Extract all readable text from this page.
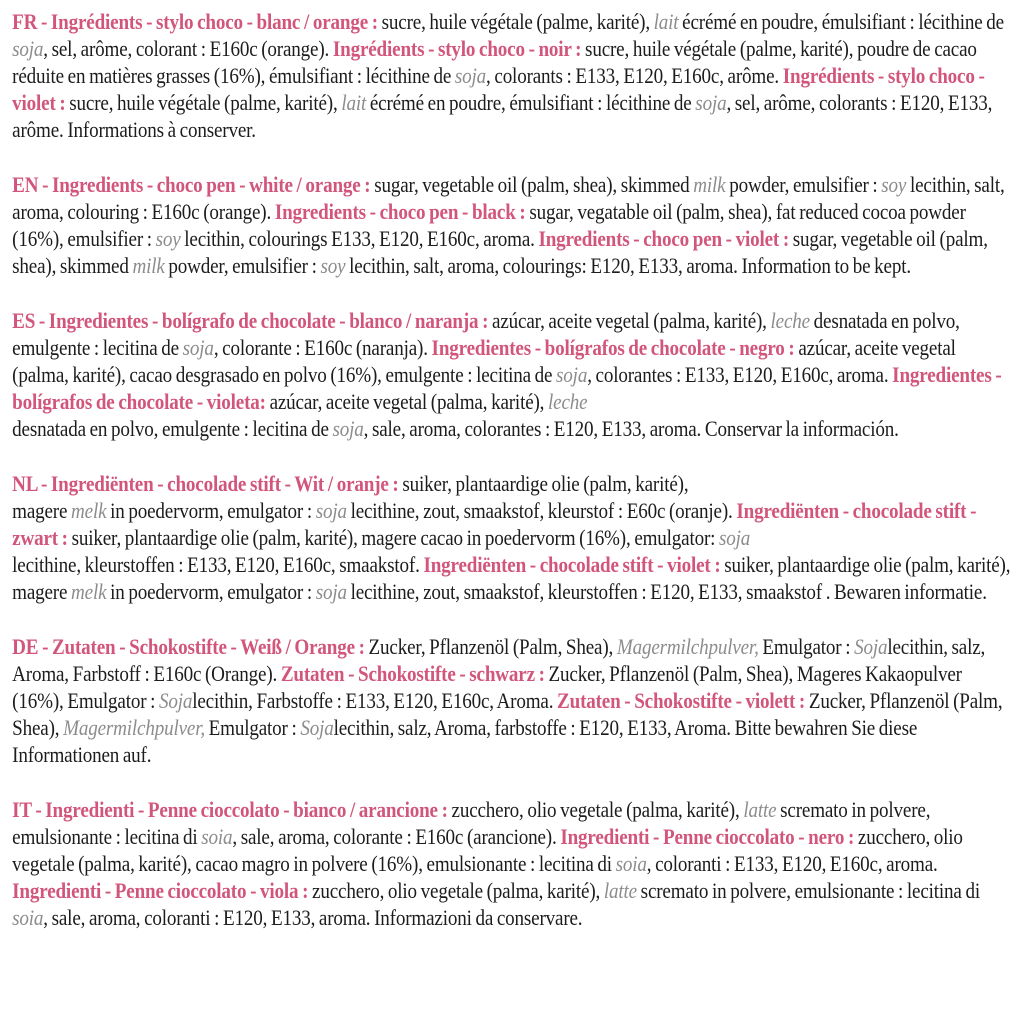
FR - Ingrédients - stylo choco - blanc / orange : sucre, huile végétale (palme, karité), lait écrémé en poudre, émulsifiant : lécithine de soja, sel, arôme, colorant : E160c (orange). Ingrédients - stylo choco - noir : sucre, huile végétale (palme, karité), poudre de cacao réduite en matières grasses (16%), émulsifiant : lécithine de soja, colorants : E133, E120, E160c, arôme. Ingrédients - stylo choco - violet : sucre, huile végétale (palme, karité), lait écrémé en poudre, émulsifiant : lécithine de soja, sel, arôme, colorants : E120, E133, arôme. Informations à conserver.

EN - Ingredients - choco pen - white / orange : sugar, vegetable oil (palm, shea), skimmed milk powder, emulsifier : soy lecithin, salt, aroma, colouring : E160c (orange). Ingredients - choco pen - black : sugar, vegatable oil (palm, shea), fat reduced cocoa powder (16%), emulsifier : soy lecithin, colourings E133, E120, E160c, aroma. Ingredients - choco pen - violet : sugar, vegetable oil (palm, shea), skimmed milk powder, emulsifier : soy lecithin, salt, aroma, colourings: E120, E133, aroma. Information to be kept.

ES - Ingredientes - bolígrafo de chocolate - blanco / naranja : azúcar, aceite vegetal (palma, karité), leche desnatada en polvo, emulgente : lecitina de soja, colorante : E160c (naranja). Ingredientes - bolígrafos de chocolate - negro : azúcar, aceite vegetal (palma, karité), cacao desgrasado en polvo (16%), emulgente : lecitina de soja, colorantes : E133, E120, E160c, aroma. Ingredientes - bolígrafos de chocolate - violeta: azúcar, aceite vegetal (palma, karité), leche
desnatada en polvo, emulgente : lecitina de soja, sale, aroma, colorantes : E120, E133, aroma. Conservar la información.

NL - Ingrediënten - chocolade stift - Wit / oranje : suiker, plantaardige olie (palm, karité),
magere melk in poedervorm, emulgator : soja lecithine, zout, smaakstof, kleurstof : E60c (oranje). Ingrediënten - chocolade stift - zwart : suiker, plantaardige olie (palm, karité), magere cacao in poedervorm (16%), emulgator: soja
lecithine, kleurstoffen : E133, E120, E160c, smaakstof. Ingrediënten - chocolade stift - violet : suiker, plantaardige olie (palm, karité), magere melk in poedervorm, emulgator : soja lecithine, zout, smaakstof, kleurstoffen : E120, E133, smaakstof . Bewaren informatie.

DE - Zutaten - Schokostifte - Weiß / Orange : Zucker, Pflanzenöl (Palm, Shea), Magermilchpulver, Emulgator : Sojalecithin, salz, Aroma, Farbstoff : E160c (Orange). Zutaten - Schokostifte - schwarz : Zucker, Pflanzenöl (Palm, Shea), Mageres Kakaopulver (16%), Emulgator : Sojalecithin, Farbstoffe : E133, E120, E160c, Aroma. Zutaten - Schokostifte - violett : Zucker, Pflanzenöl (Palm, Shea), Magermilchpulver, Emulgator : Sojalecithin, salz, Aroma, farbstoffe : E120, E133, Aroma. Bitte bewahren Sie diese Informationen auf.

IT - Ingredienti - Penne cioccolato - bianco / arancione : zucchero, olio vegetale (palma, karité), latte scremato in polvere, emulsionante : lecitina di soia, sale, aroma, colorante : E160c (arancione). Ingredienti - Penne cioccolato - nero : zucchero, olio vegetale (palma, karité), cacao magro in polvere (16%), emulsionante : lecitina di soia, coloranti : E133, E120, E160c, aroma. Ingredienti - Penne cioccolato - viola : zucchero, olio vegetale (palma, karité), latte scremato in polvere, emulsionante : lecitina di soia, sale, aroma, coloranti : E120, E133, aroma. Informazioni da conservare.
